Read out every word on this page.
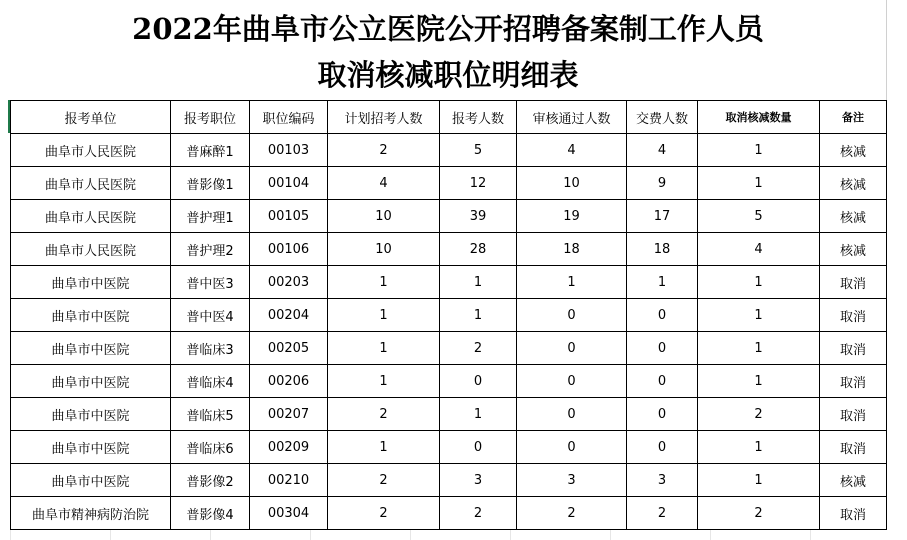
2022年曲阜市公立医院公开招聘备案制工作人员
取消核减职位明细表
报考单位	报考职位	职位编码	计划招考人数	报考人数	审核通过人数	交费人数	取消核减数量	备注
曲阜市人民医院	普麻醉1	00103	2	5	4	4	1	核减
曲阜市人民医院	普影像1	00104	4	12	10	9	1	核减
曲阜市人民医院	普护理1	00105	10	39	19	17	5	核减
曲阜市人民医院	普护理2	00106	10	28	18	18	4	核减
曲阜市中医院	普中医3	00203	1	1	1	1	1	取消
曲阜市中医院	普中医4	00204	1	1	0	0	1	取消
曲阜市中医院	普临床3	00205	1	2	0	0	1	取消
曲阜市中医院	普临床4	00206	1	0	0	0	1	取消
曲阜市中医院	普临床5	00207	2	1	0	0	2	取消
曲阜市中医院	普临床6	00209	1	0	0	0	1	取消
曲阜市中医院	普影像2	00210	2	3	3	3	1	核减
曲阜市精神病防治院	普影像4	00304	2	2	2	2	2	取消
